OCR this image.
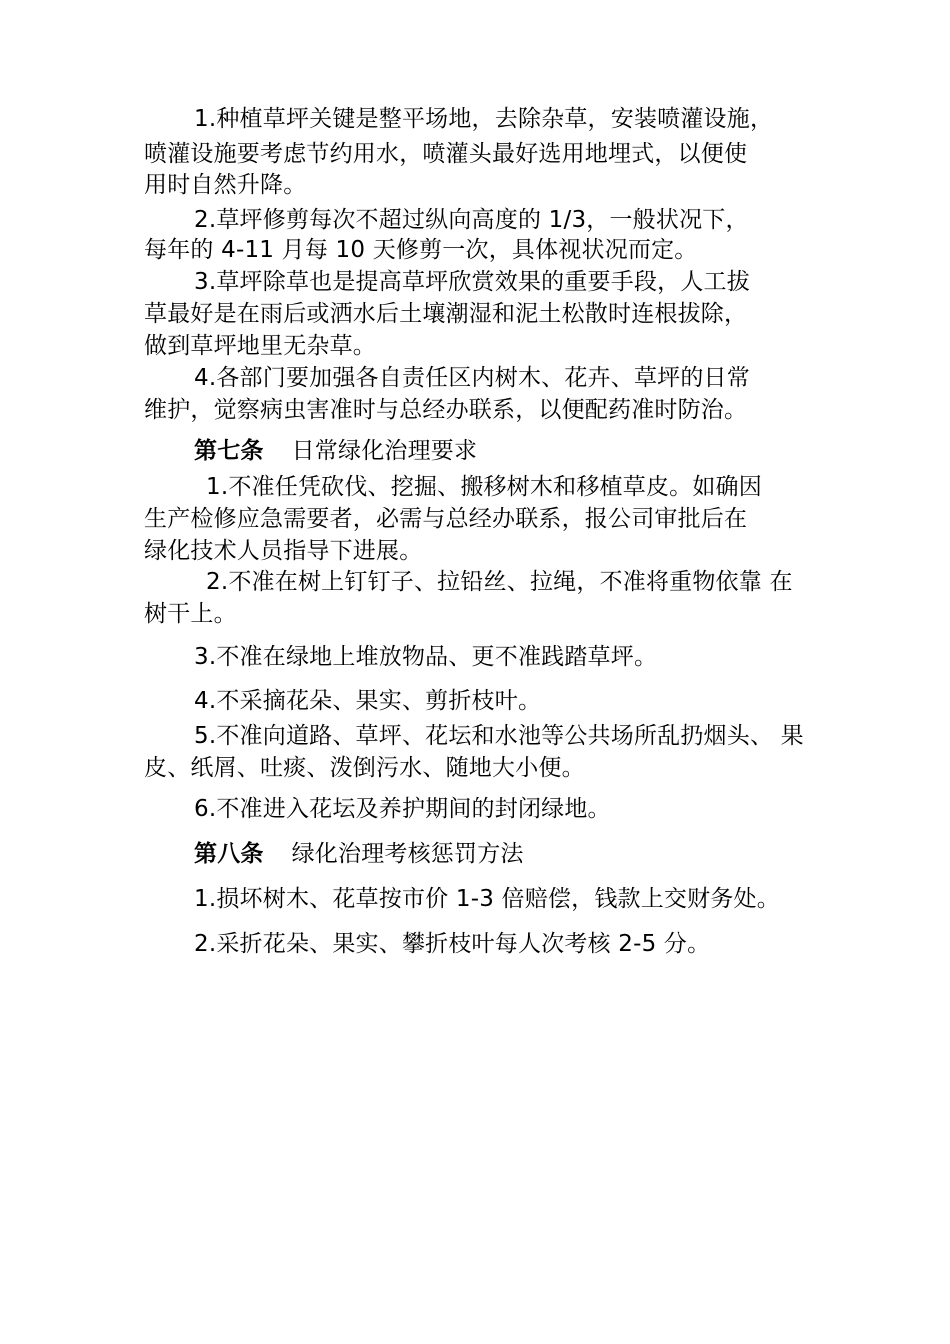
1.种植草坪关键是整平场地，去除杂草，安装喷灌设施，
喷灌设施要考虑节约用水，喷灌头最好选用地埋式，以便使
用时自然升降。
2.草坪修剪每次不超过纵向高度的 1/3，一般状况下，
每年的 4-11 月每 10 天修剪一次，具体视状况而定。
3.草坪除草也是提高草坪欣赏效果的重要手段，人工拔
草最好是在雨后或洒水后土壤潮湿和泥土松散时连根拔除，
做到草坪地里无杂草。
4.各部门要加强各自责任区内树木、花卉、草坪的日常
维护，觉察病虫害准时与总经办联系，以便配药准时防治。
第七条 日常绿化治理要求
1.不准任凭砍伐、挖掘、搬移树木和移植草皮。如确因
生产检修应急需要者，必需与总经办联系，报公司审批后在
绿化技术人员指导下进展。
2.不准在树上钉钉子、拉铅丝、拉绳，不准将重物依靠 在
树干上。
3.不准在绿地上堆放物品、更不准践踏草坪。
4.不采摘花朵、果实、剪折枝叶。
5.不准向道路、草坪、花坛和水池等公共场所乱扔烟头、 果
皮、纸屑、吐痰、泼倒污水、随地大小便。
6.不准进入花坛及养护期间的封闭绿地。
第八条 绿化治理考核惩罚方法
1.损坏树木、花草按市价 1-3 倍赔偿，钱款上交财务处。
2.采折花朵、果实、攀折枝叶每人次考核 2-5 分。
